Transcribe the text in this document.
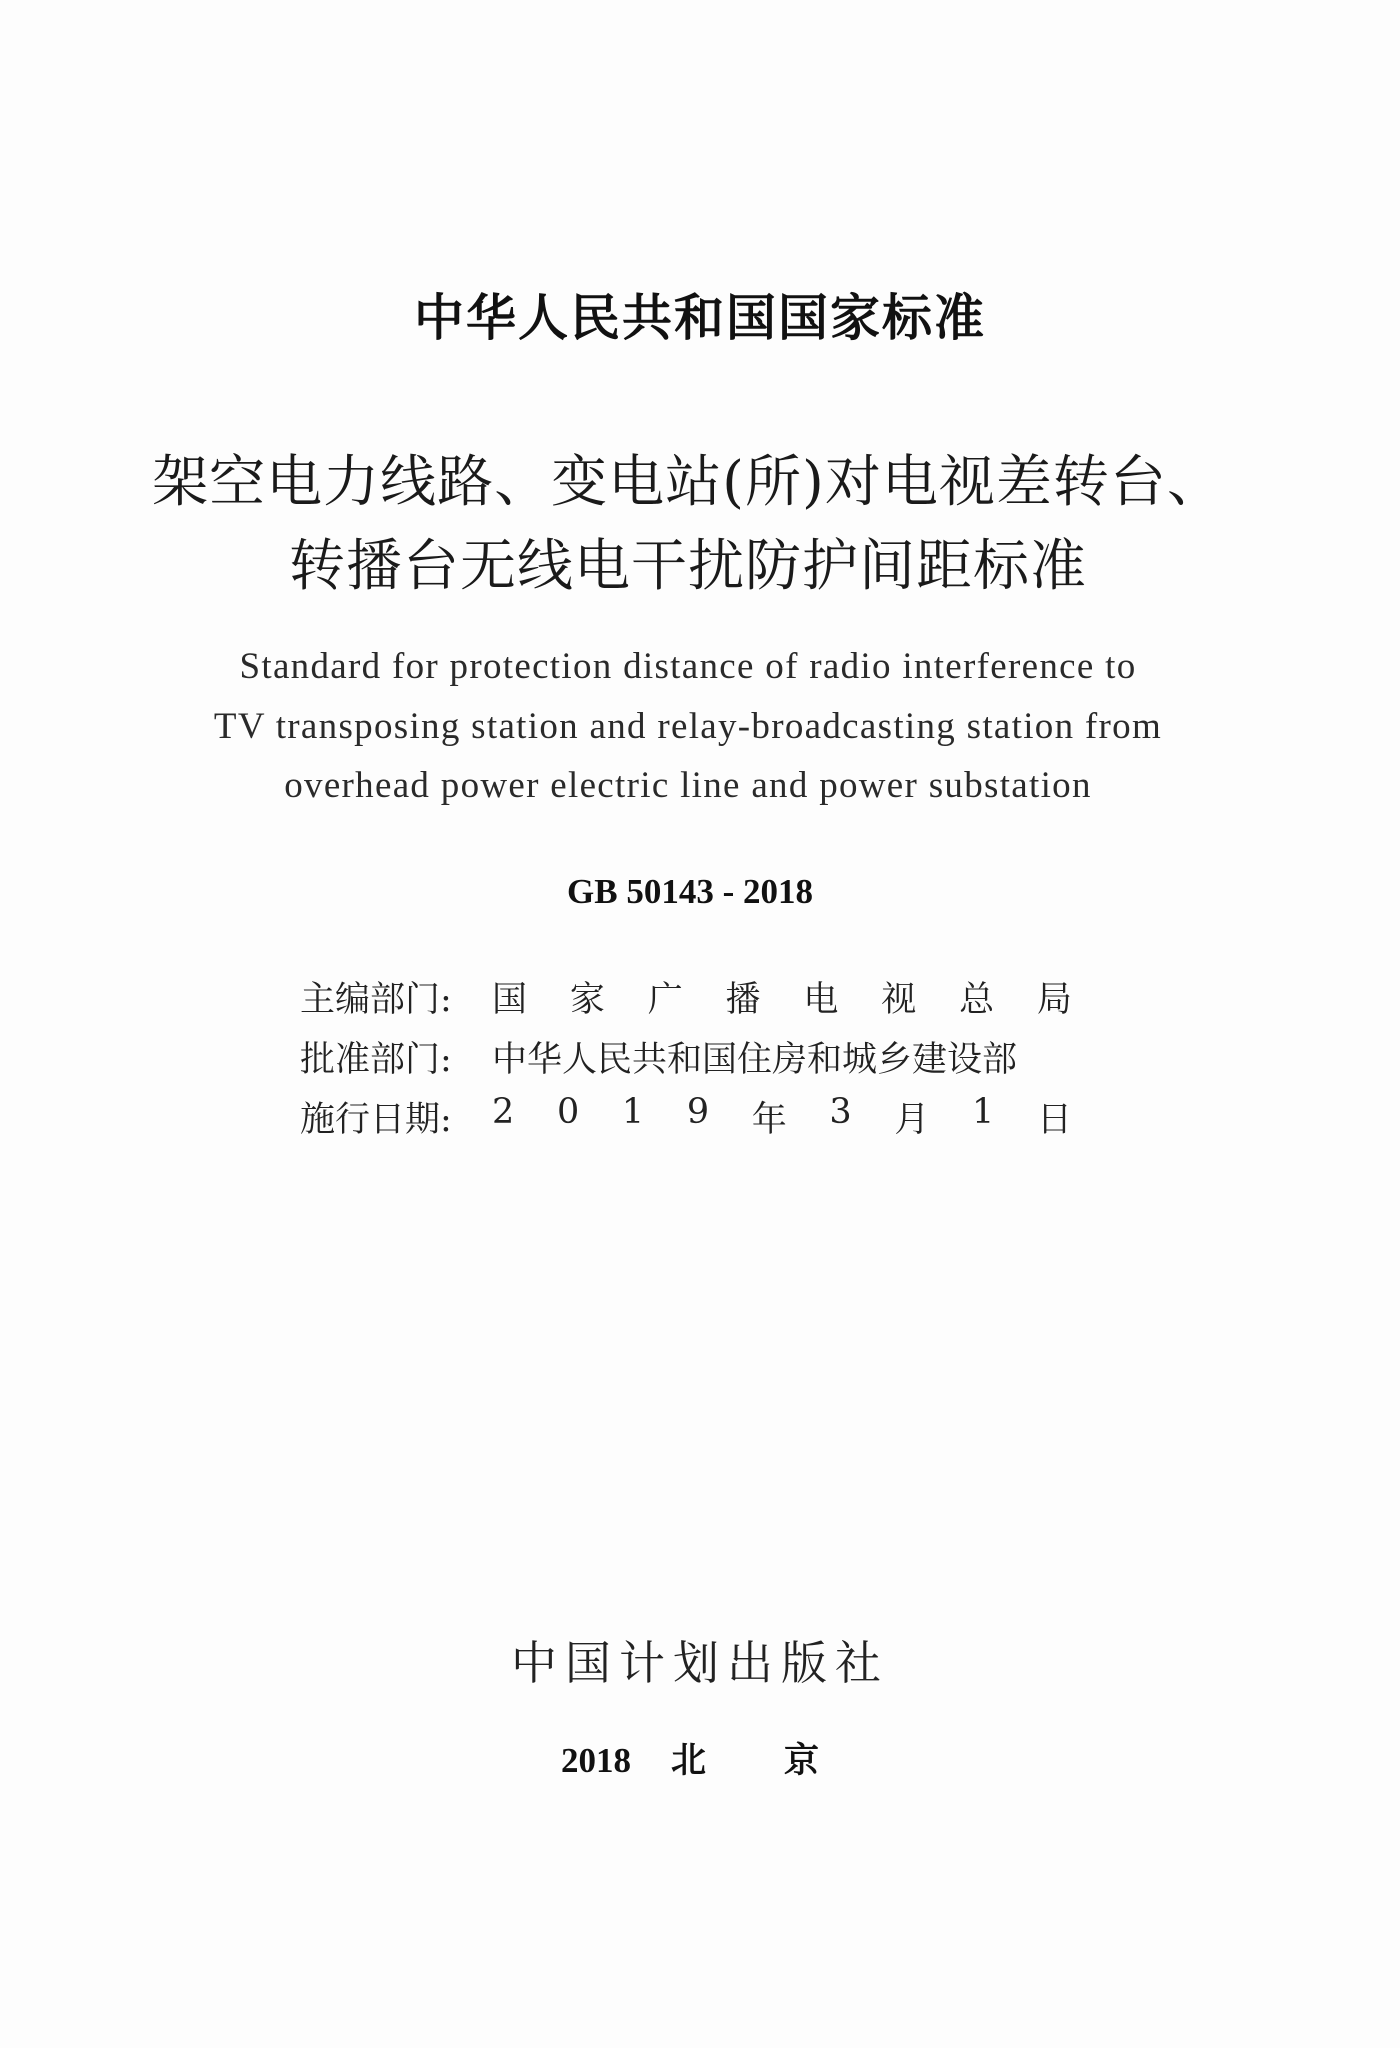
中华人民共和国国家标准
架空电力线路、变电站(所)对电视差转台、
转播台无线电干扰防护间距标准
Standard for protection distance of radio interference to
TV transposing station and relay-broadcasting station from
overhead power electric line and power substation
GB 50143 - 2018
主编部门: 国 家 广 播 电 视 总 局
批准部门: 中华人民共和国住房和城乡建设部
施行日期: 2 0 1 9 年 3 月 1 日
中国计划出版社
2018 北 京
